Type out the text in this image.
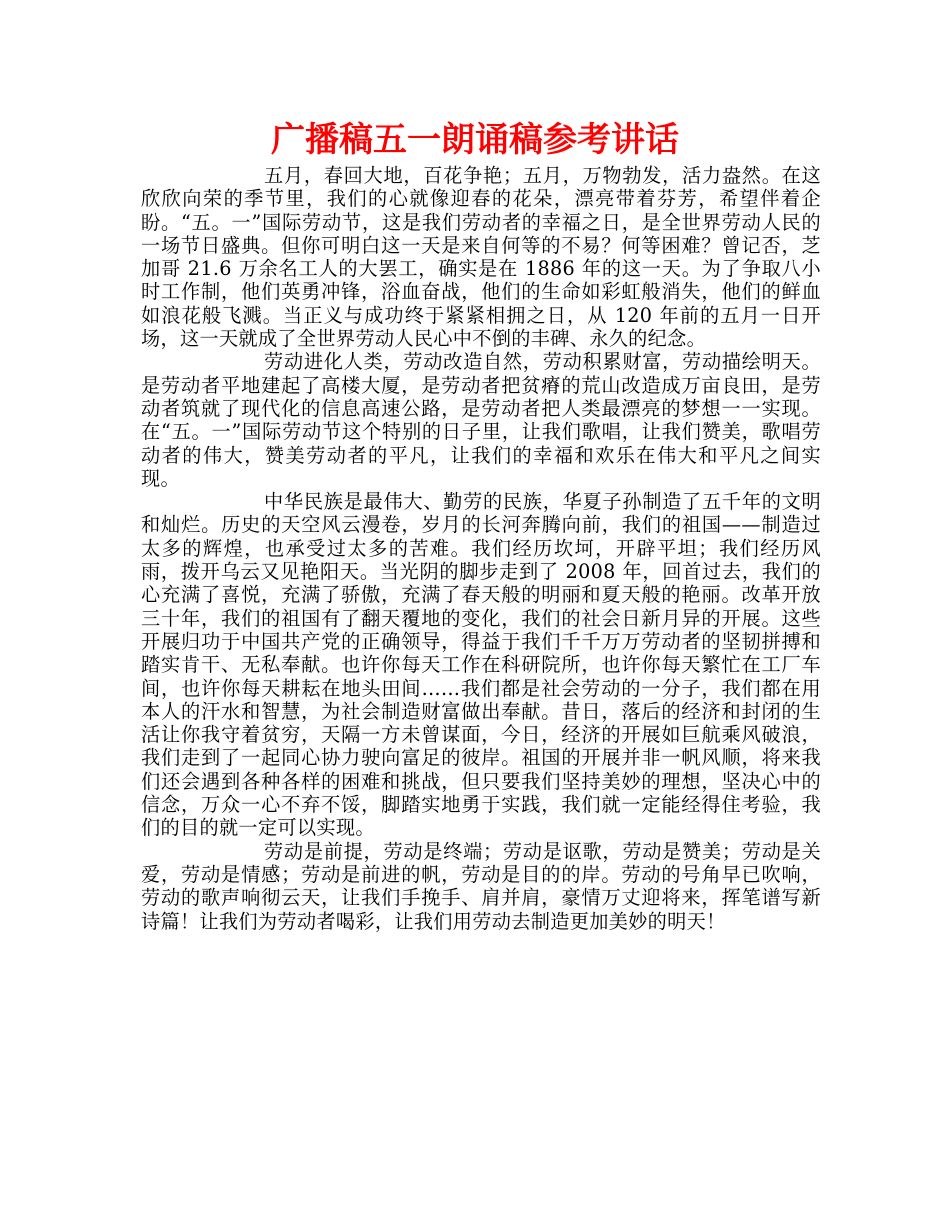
广播稿五一朗诵稿参考讲话

五月，春回大地，百花争艳；五月，万物勃发，活力盎然。在这欣欣向荣的季节里，我们的心就像迎春的花朵，漂亮带着芬芳，希望伴着企盼。“五。一”国际劳动节，这是我们劳动者的幸福之日，是全世界劳动人民的一场节日盛典。但你可明白这一天是来自何等的不易？何等困难？曾记否，芝加哥 21.6 万余名工人的大罢工，确实是在 1886 年的这一天。为了争取八小时工作制，他们英勇冲锋，浴血奋战，他们的生命如彩虹般消失，他们的鲜血如浪花般飞溅。当正义与成功终于紧紧相拥之日，从 120 年前的五月一日开场，这一天就成了全世界劳动人民心中不倒的丰碑、永久的纪念。

劳动进化人类，劳动改造自然，劳动积累财富，劳动描绘明天。是劳动者平地建起了高楼大厦，是劳动者把贫瘠的荒山改造成万亩良田，是劳动者筑就了现代化的信息高速公路，是劳动者把人类最漂亮的梦想一一实现。在“五。一”国际劳动节这个特别的日子里，让我们歌唱，让我们赞美，歌唱劳动者的伟大，赞美劳动者的平凡，让我们的幸福和欢乐在伟大和平凡之间实现。

中华民族是最伟大、勤劳的民族，华夏子孙制造了五千年的文明和灿烂。历史的天空风云漫卷，岁月的长河奔腾向前，我们的祖国——制造过太多的辉煌，也承受过太多的苦难。我们经历坎坷，开辟平坦；我们经历风雨，拨开乌云又见艳阳天。当光阴的脚步走到了 2008 年，回首过去，我们的心充满了喜悦，充满了骄傲，充满了春天般的明丽和夏天般的艳丽。改革开放三十年，我们的祖国有了翻天覆地的变化，我们的社会日新月异的开展。这些开展归功于中国共产党的正确领导，得益于我们千千万万劳动者的坚韧拼搏和踏实肯干、无私奉献。也许你每天工作在科研院所，也许你每天繁忙在工厂车间，也许你每天耕耘在地头田间……我们都是社会劳动的一分子，我们都在用本人的汗水和智慧，为社会制造财富做出奉献。昔日，落后的经济和封闭的生活让你我守着贫穷，天隔一方未曾谋面，今日，经济的开展如巨航乘风破浪，我们走到了一起同心协力驶向富足的彼岸。祖国的开展并非一帆风顺，将来我们还会遇到各种各样的困难和挑战，但只要我们坚持美妙的理想，坚决心中的信念，万众一心不弃不馁，脚踏实地勇于实践，我们就一定能经得住考验，我们的目的就一定可以实现。

劳动是前提，劳动是终端；劳动是讴歌，劳动是赞美；劳动是关爱，劳动是情感；劳动是前进的帆，劳动是目的的岸。劳动的号角早已吹响，劳动的歌声响彻云天，让我们手挽手、肩并肩，豪情万丈迎将来，挥笔谱写新诗篇！让我们为劳动者喝彩，让我们用劳动去制造更加美妙的明天！
